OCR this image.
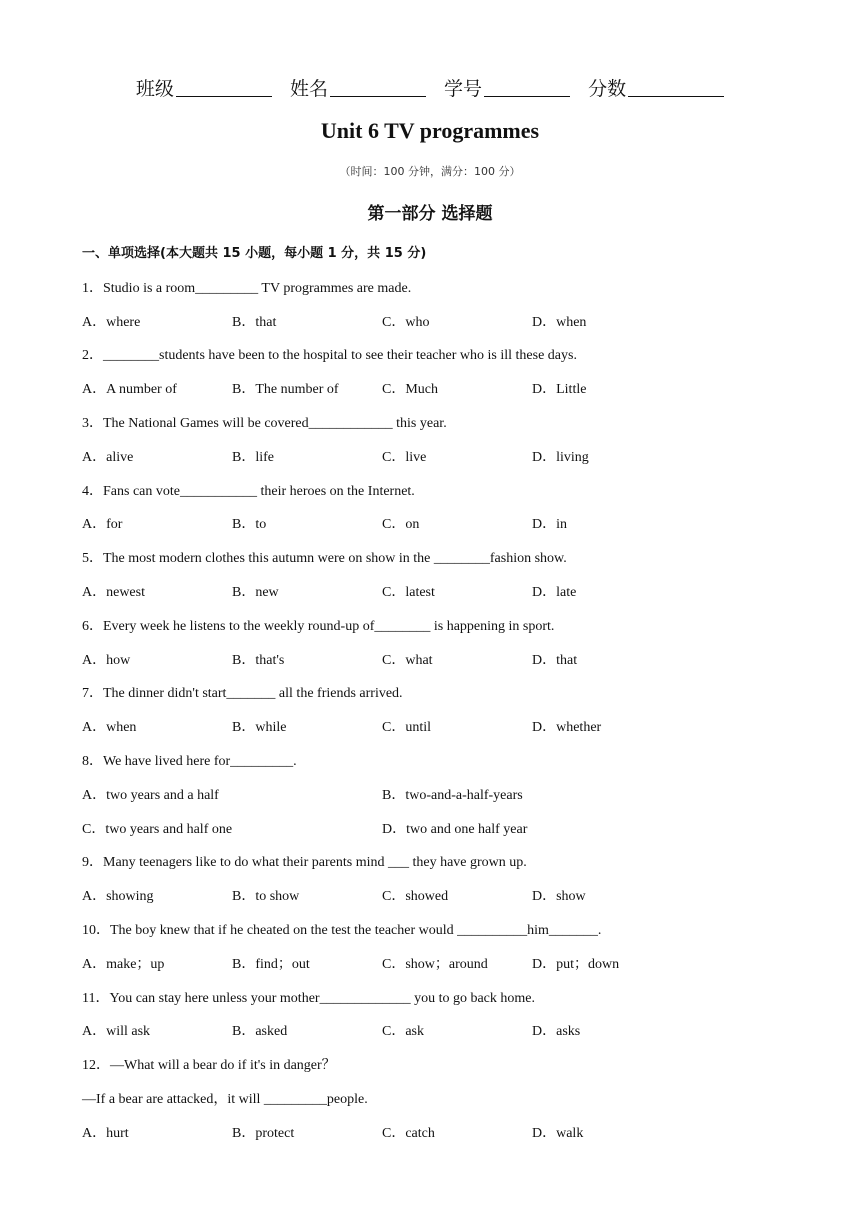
班级	姓名	学号	分数
Unit 6 TV programmes
（时间：100 分钟，满分：100 分）
第一部分 选择题
一、单项选择(本大题共 15 小题，每小题 1 分，共 15 分)
1．Studio is a room_________ TV programmes are made.
A．where	B．that	C．who	D．when
2．________students have been to the hospital to see their teacher who is ill these days.
A．A number of	B．The number of	C．Much	D．Little
3．The National Games will be covered____________ this year.
A．alive	B．life	C．live	D．living
4．Fans can vote___________ their heroes on the Internet.
A．for	B．to	C．on	D．in
5．The most modern clothes this autumn were on show in the ________fashion show.
A．newest	B．new	C．latest	D．late
6．Every week he listens to the weekly round-up of________ is happening in sport.
A．how	B．that's	C．what	D．that
7．The dinner didn't start_______ all the friends arrived.
A．when	B．while	C．until	D．whether
8．We have lived here for_________.
A．two years and a half	B．two-and-a-half-years
C．two years and half one	D．two and one half year
9．Many teenagers like to do what their parents mind ___ they have grown up.
A．showing	B．to show	C．showed	D．show
10．The boy knew that if he cheated on the test the teacher would __________him_______.
A．make；up	B．find；out	C．show；around	D．put；down
11．You can stay here unless your mother_____________ you to go back home.
A．will ask	B．asked	C．ask	D．asks
12．—What will a bear do if it's in danger？
—If a bear are attacked，it will _________people.
A．hurt	B．protect	C．catch	D．walk
